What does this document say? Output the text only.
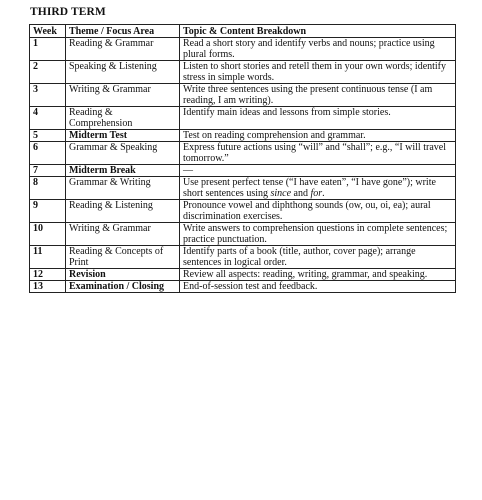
THIRD TERM
Week	Theme / Focus Area	Topic & Content Breakdown
1	Reading & Grammar	Read a short story and identify verbs and nouns; practice using plural forms.
2	Speaking & Listening	Listen to short stories and retell them in your own words; identify stress in simple words.
3	Writing & Grammar	Write three sentences using the present continuous tense (I am reading, I am writing).
4	Reading & Comprehension	Identify main ideas and lessons from simple stories.
5	Midterm Test	Test on reading comprehension and grammar.
6	Grammar & Speaking	Express future actions using “will” and “shall”; e.g., “I will travel tomorrow.”
7	Midterm Break	—
8	Grammar & Writing	Use present perfect tense (“I have eaten”, “I have gone”); write short sentences using since and for.
9	Reading & Listening	Pronounce vowel and diphthong sounds (ow, ou, oi, ea); aural discrimination exercises.
10	Writing & Grammar	Write answers to comprehension questions in complete sentences; practice punctuation.
11	Reading & Concepts of Print	Identify parts of a book (title, author, cover page); arrange sentences in logical order.
12	Revision	Review all aspects: reading, writing, grammar, and speaking.
13	Examination / Closing	End-of-session test and feedback.
